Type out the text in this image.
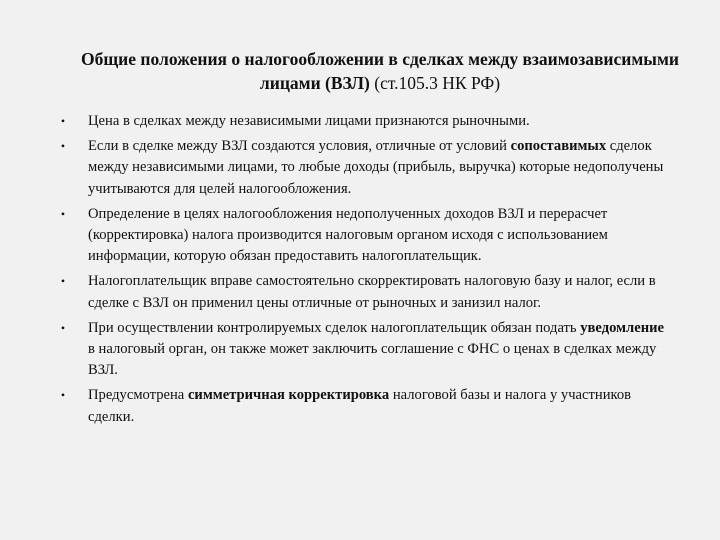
Общие положения о налогообложении в сделках между взаимозависимыми лицами (ВЗЛ) (ст.105.3 НК РФ)
•	Цена в сделках между независимыми лицами признаются рыночными.
•	Если в сделке между ВЗЛ создаются условия, отличные от условий сопоставимых сделок между независимыми лицами, то любые доходы (прибыль, выручка) которые недополучены учитываются для целей налогообложения.
•	Определение в целях налогообложения недополученных доходов ВЗЛ и перерасчет (корректировка) налога производится налоговым органом исходя с использованием информации, которую обязан предоставить налогоплательщик.
•	Налогоплательщик вправе самостоятельно скорректировать налоговую базу и налог, если в сделке с ВЗЛ он применил цены отличные от рыночных и занизил налог.
•	При осуществлении контролируемых сделок налогоплательщик обязан подать уведомление в налоговый орган, он также может заключить соглашение с ФНС о ценах в сделках между ВЗЛ.
•	Предусмотрена симметричная корректировка налоговой базы и налога у участников сделки.
